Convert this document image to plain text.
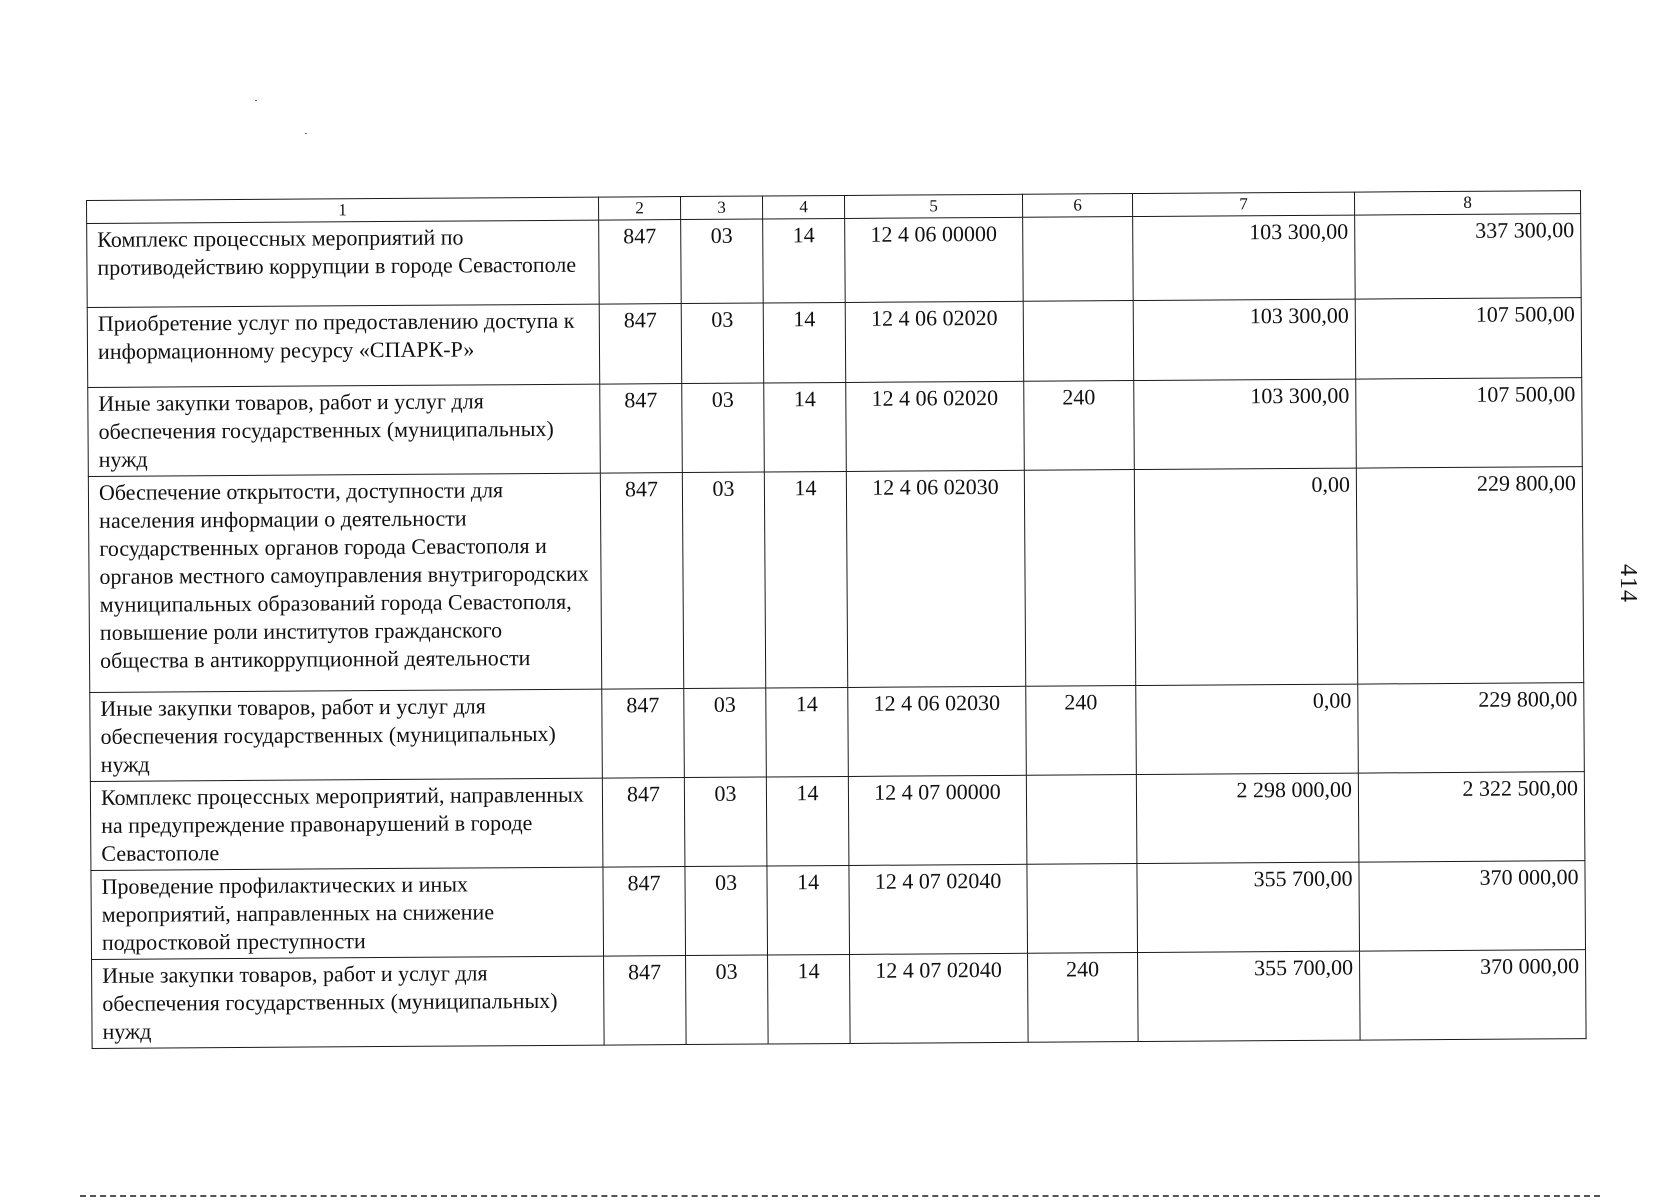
1	2	3	4	5	6	7	8
Комплекс процессных мероприятий по противодействию коррупции в городе Севастополе	847	03	14	12 4 06 00000		103 300,00	337 300,00
Приобретение услуг по предоставлению доступа к информационному ресурсу «СПАРК-Р»	847	03	14	12 4 06 02020		103 300,00	107 500,00
Иные закупки товаров, работ и услуг для обеспечения государственных (муниципальных) нужд	847	03	14	12 4 06 02020	240	103 300,00	107 500,00
Обеспечение открытости, доступности для населения информации о деятельности государственных органов города Севастополя и органов местного самоуправления внутригородских муниципальных образований города Севастополя, повышение роли институтов гражданского общества в антикоррупционной деятельности	847	03	14	12 4 06 02030		0,00	229 800,00
Иные закупки товаров, работ и услуг для обеспечения государственных (муниципальных) нужд	847	03	14	12 4 06 02030	240	0,00	229 800,00
Комплекс процессных мероприятий, направленных на предупреждение правонарушений в городе Севастополе	847	03	14	12 4 07 00000		2 298 000,00	2 322 500,00
Проведение профилактических и иных мероприятий, направленных на снижение подростковой преступности	847	03	14	12 4 07 02040		355 700,00	370 000,00
Иные закупки товаров, работ и услуг для обеспечения государственных (муниципальных) нужд	847	03	14	12 4 07 02040	240	355 700,00	370 000,00
414
